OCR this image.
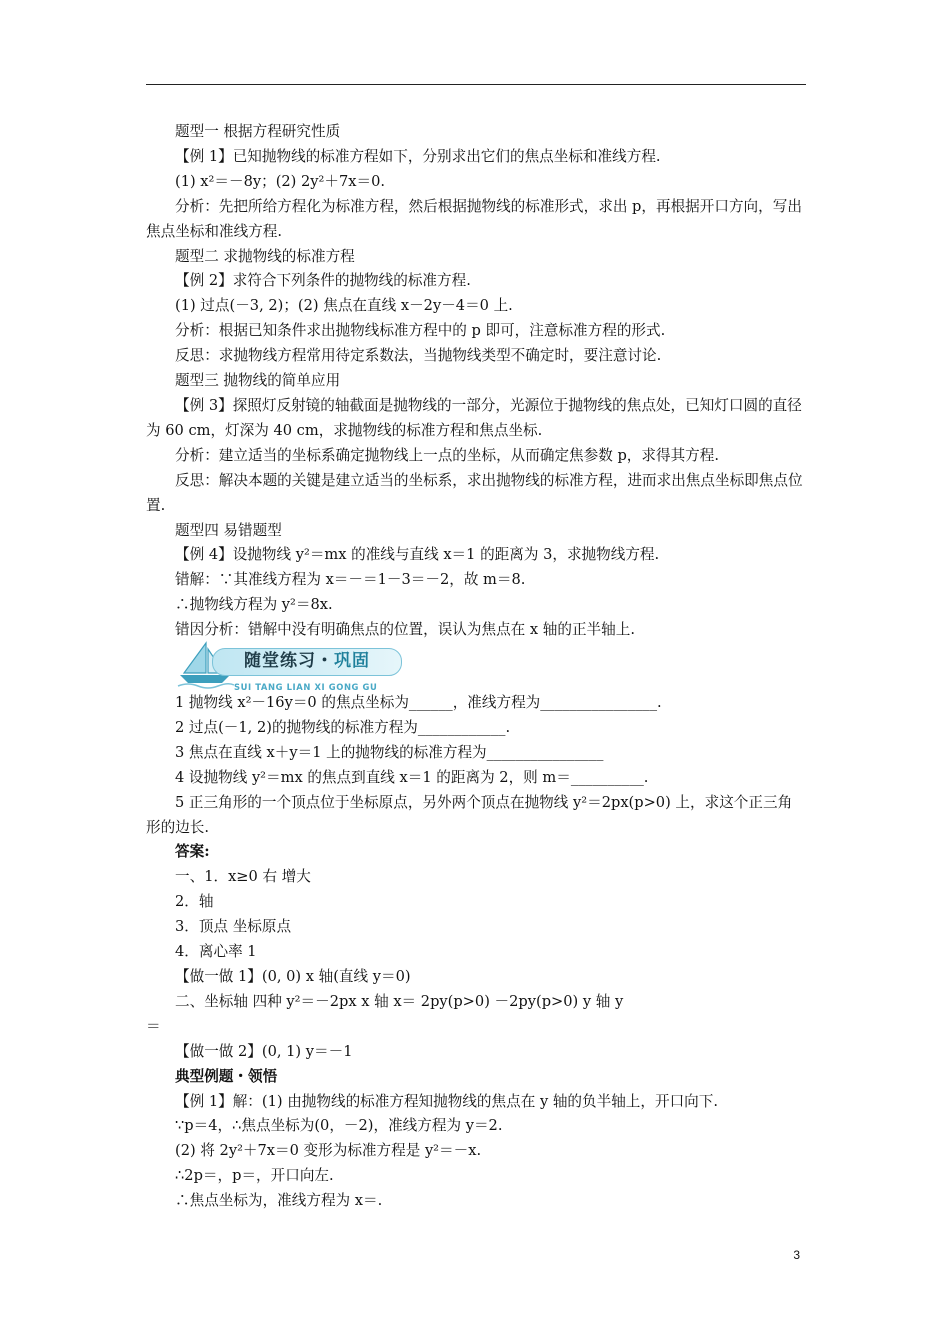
题型一 根据方程研究性质
【例 1】已知抛物线的标准方程如下，分别求出它们的焦点坐标和准线方程.
(1) x²＝－8y；(2) 2y²＋7x＝0.
分析：先把所给方程化为标准方程，然后根据抛物线的标准形式，求出 p，再根据开口方向，写出焦点坐标和准线方程.
题型二 求抛物线的标准方程
【例 2】求符合下列条件的抛物线的标准方程.
(1) 过点(－3, 2)；(2) 焦点在直线 x－2y－4＝0 上.
分析：根据已知条件求出抛物线标准方程中的 p 即可，注意标准方程的形式.
反思：求抛物线方程常用待定系数法，当抛物线类型不确定时，要注意讨论.
题型三 抛物线的简单应用
【例 3】探照灯反射镜的轴截面是抛物线的一部分，光源位于抛物线的焦点处，已知灯口圆的直径为 60 cm，灯深为 40 cm，求抛物线的标准方程和焦点坐标.
分析：建立适当的坐标系确定抛物线上一点的坐标，从而确定焦参数 p，求得其方程.
反思：解决本题的关键是建立适当的坐标系，求出抛物线的标准方程，进而求出焦点坐标即焦点位置.
题型四 易错题型
【例 4】设抛物线 y²＝mx 的准线与直线 x＝1 的距离为 3，求抛物线方程.
错解：∵其准线方程为 x＝－＝1－3＝－2，故 m＝8.
∴抛物线方程为 y²＝8x.
错因分析：错解中没有明确焦点的位置，误认为焦点在 x 轴的正半轴上.
随堂练习・巩固
SUI TANG LIAN XI GONG GU
1 抛物线 x²－16y＝0 的焦点坐标为______，准线方程为________________.
2 过点(－1, 2)的抛物线的标准方程为____________.
3 焦点在直线 x＋y＝1 上的抛物线的标准方程为________________
4 设抛物线 y²＝mx 的焦点到直线 x＝1 的距离为 2，则 m＝__________.
5 正三角形的一个顶点位于坐标原点，另外两个顶点在抛物线 y²＝2px(p>0) 上，求这个正三角形的边长.
答案:
一、1．x≥0 右 增大
2．轴
3．顶点 坐标原点
4．离心率 1
【做一做 1】(0, 0) x 轴(直线 y＝0)
二、坐标轴 四种 y²＝－2px x 轴 x＝ 2py(p>0) －2py(p>0) y 轴 y
＝
【做一做 2】(0, 1) y＝－1
典型例题・领悟
【例 1】解：(1) 由抛物线的标准方程知抛物线的焦点在 y 轴的负半轴上，开口向下.
∵p＝4，∴焦点坐标为(0，－2)，准线方程为 y＝2.
(2) 将 2y²＋7x＝0 变形为标准方程是 y²＝－x.
∴2p＝，p＝，开口向左.
∴焦点坐标为，准线方程为 x＝.
3
